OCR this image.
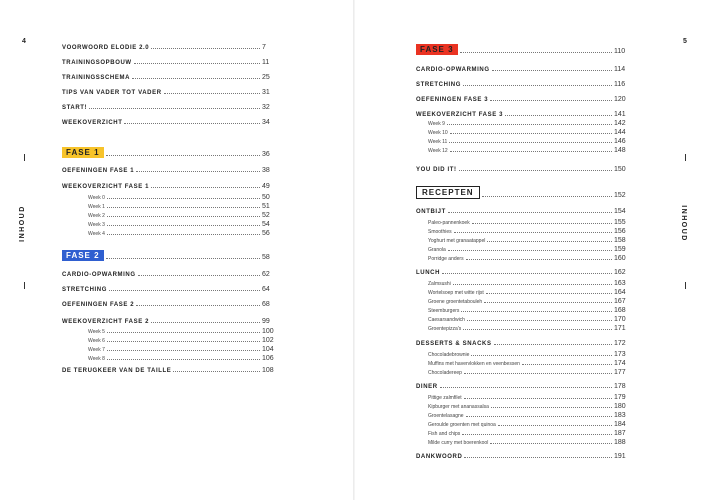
4
INHOUD
VOORWOORD ELODIE 2.0	7
TRAININGSOPBOUW	11
TRAININGSSCHEMA	25
TIPS VAN VADER TOT VADER	31
START!	32
WEEKOVERZICHT	34
FASE 1	36
OEFENINGEN FASE 1	38
WEEKOVERZICHT FASE 1	49
Week 0	50
Week 1	51
Week 2	52
Week 3	54
Week 4	56
FASE 2	58
CARDIO-OPWARMING	62
STRETCHING	64
OEFENINGEN FASE 2	68
WEEKOVERZICHT FASE 2	99
Week 5	100
Week 6	102
Week 7	104
Week 8	106
DE TERUGKEER VAN DE TAILLE	108
5
INHOUD
FASE 3	110
CARDIO-OPWARMING	114
STRETCHING	116
OEFENINGEN FASE 3	120
WEEKOVERZICHT FASE 3	141
Week 9	142
Week 10	144
Week 11	146
Week 12	148
YOU DID IT!	150
RECEPTEN	152
ONTBIJT	154
Paleo-pannenkoek	155
Smoothies	156
Yoghurt met granaatappel	158
Granola	159
Porridge anders	160
LUNCH	162
Zalmsushi	163
Wortelsoep met witte rijst	164
Groene groentetabouleh	167
Steemburgers	168
Caesarsandwich	170
Groentepizza's	171
DESSERTS & SNACKS	172
Chocoladebrownie	173
Muffins met havervlokken en veenbessen	174
Chocoladereep	177
DINER	178
Pittige zalmfilet	179
Kipburger met ananassalsa	180
Groentelasagne	183
Geroulde groenten met quinoa	184
Fish and chips	187
Milde curry met boerenkool	188
DANKWOORD	191
